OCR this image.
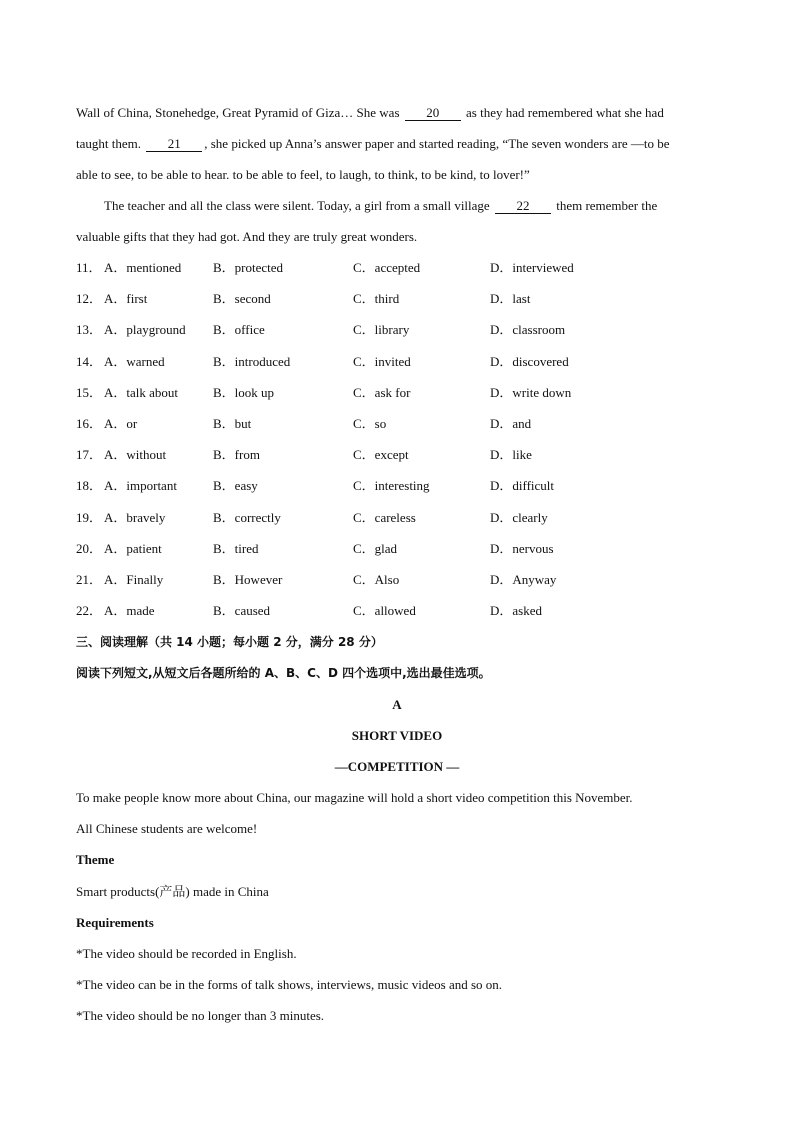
Wall of China, Stonehedge, Great Pyramid of Giza… She was 20 as they had remembered what she had
taught them. 21 , she picked up Anna’s answer paper and started reading, “The seven wonders are —to be
able to see, to be able to hear. to be able to feel, to laugh, to think, to be kind, to lover!”
The teacher and all the class were silent. Today, a girl from a small village 22 them remember the
valuable gifts that they had got. And they are truly great wonders.
11． A．mentioned B．protected	C．accepted	D．interviewed
12． A．first	B．second	C．third	D．last
13． A．playground B．office	C．library	D．classroom
14． A．warned	B．introduced	C．invited	D．discovered
15． A．talk about	B．look up	C．ask for	D．write down
16． A．or	B．but	C．so	D．and
17． A．without	B．from	C．except	D．like
18． A．important	B．easy	C．interesting	D．difficult
19． A．bravely	B．correctly	C．careless	D．clearly
20． A．patient	B．tired	C．glad	D．nervous
21． A．Finally	B．However	C．Also	D．Anyway
22． A．made	B．caused	C．allowed	D．asked
三、阅读理解（共 14 小题；每小题 2 分，满分 28 分）
阅读下列短文,从短文后各题所给的 A、B、C、D 四个选项中,选出最佳选项。
A
SHORT VIDEO
—COMPETITION —
To make people know more about China, our magazine will hold a short video competition this November.
All Chinese students are welcome!
Theme
Smart products(产品) made in China
Requirements
*The video should be recorded in English.
*The video can be in the forms of talk shows, interviews, music videos and so on.
*The video should be no longer than 3 minutes.
